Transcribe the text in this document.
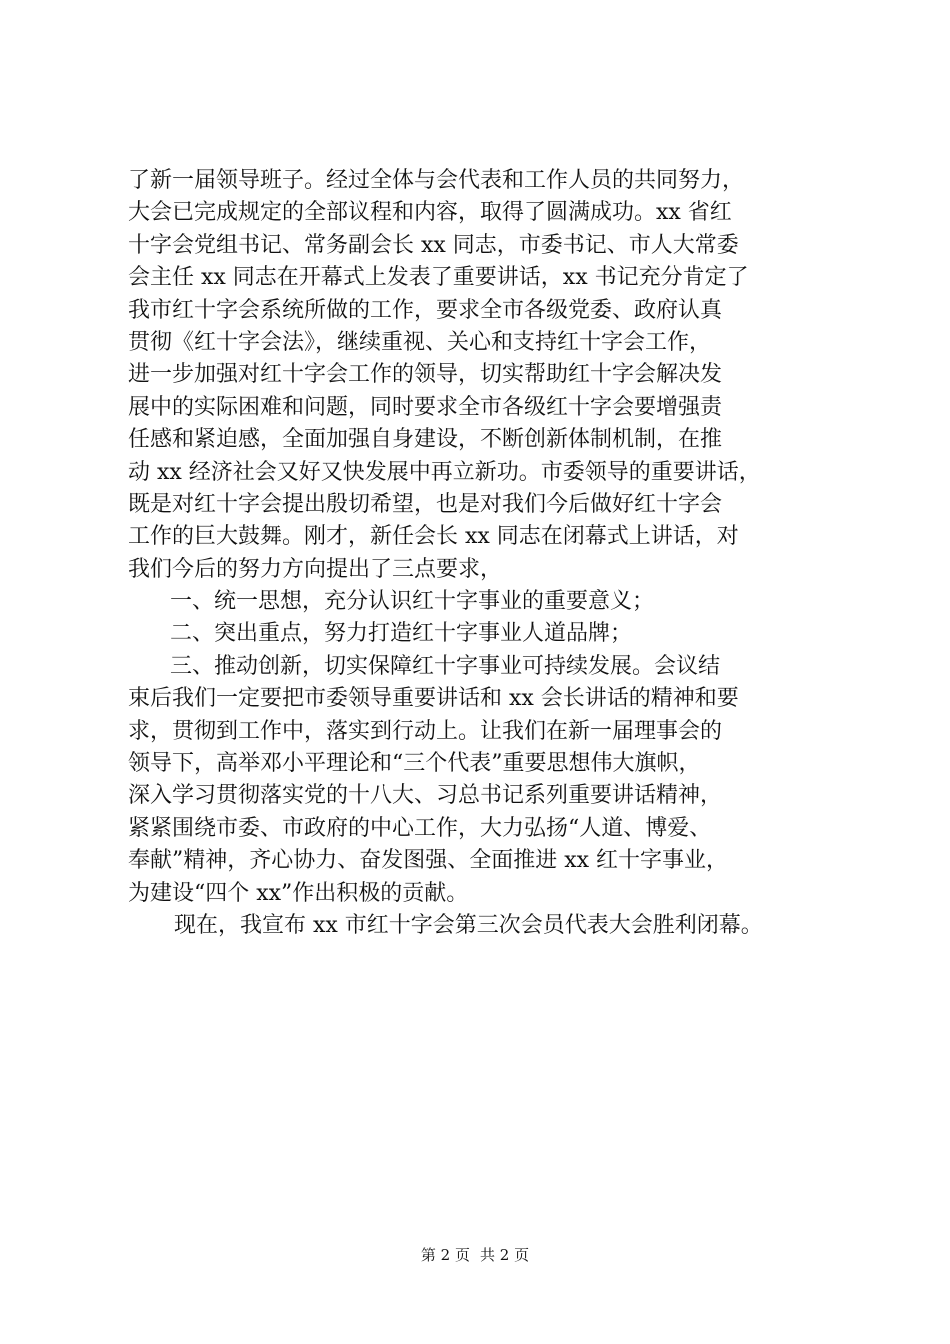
了新一届领导班子。经过全体与会代表和工作人员的共同努力，
大会已完成规定的全部议程和内容，取得了圆满成功。xx 省红
十字会党组书记、常务副会长 xx 同志，市委书记、市人大常委
会主任 xx 同志在开幕式上发表了重要讲话，xx 书记充分肯定了
我市红十字会系统所做的工作，要求全市各级党委、政府认真
贯彻《红十字会法》，继续重视、关心和支持红十字会工作，
进一步加强对红十字会工作的领导，切实帮助红十字会解决发
展中的实际困难和问题，同时要求全市各级红十字会要增强责
任感和紧迫感，全面加强自身建设，不断创新体制机制，在推
动 xx 经济社会又好又快发展中再立新功。市委领导的重要讲话，
既是对红十字会提出殷切希望，也是对我们今后做好红十字会
工作的巨大鼓舞。刚才，新任会长 xx 同志在闭幕式上讲话，对
我们今后的努力方向提出了三点要求，
一、统一思想，充分认识红十字事业的重要意义；
二、突出重点，努力打造红十字事业人道品牌；
三、推动创新，切实保障红十字事业可持续发展。会议结
束后我们一定要把市委领导重要讲话和 xx 会长讲话的精神和要
求，贯彻到工作中，落实到行动上。让我们在新一届理事会的
领导下，高举邓小平理论和“三个代表”重要思想伟大旗帜，
深入学习贯彻落实党的十八大、习总书记系列重要讲话精神，
紧紧围绕市委、市政府的中心工作，大力弘扬“人道、博爱、
奉献”精神，齐心协力、奋发图强、全面推进 xx 红十字事业，
为建设“四个 xx”作出积极的贡献。
现在，我宣布 xx 市红十字会第三次会员代表大会胜利闭幕。
第 2 页 共 2 页
